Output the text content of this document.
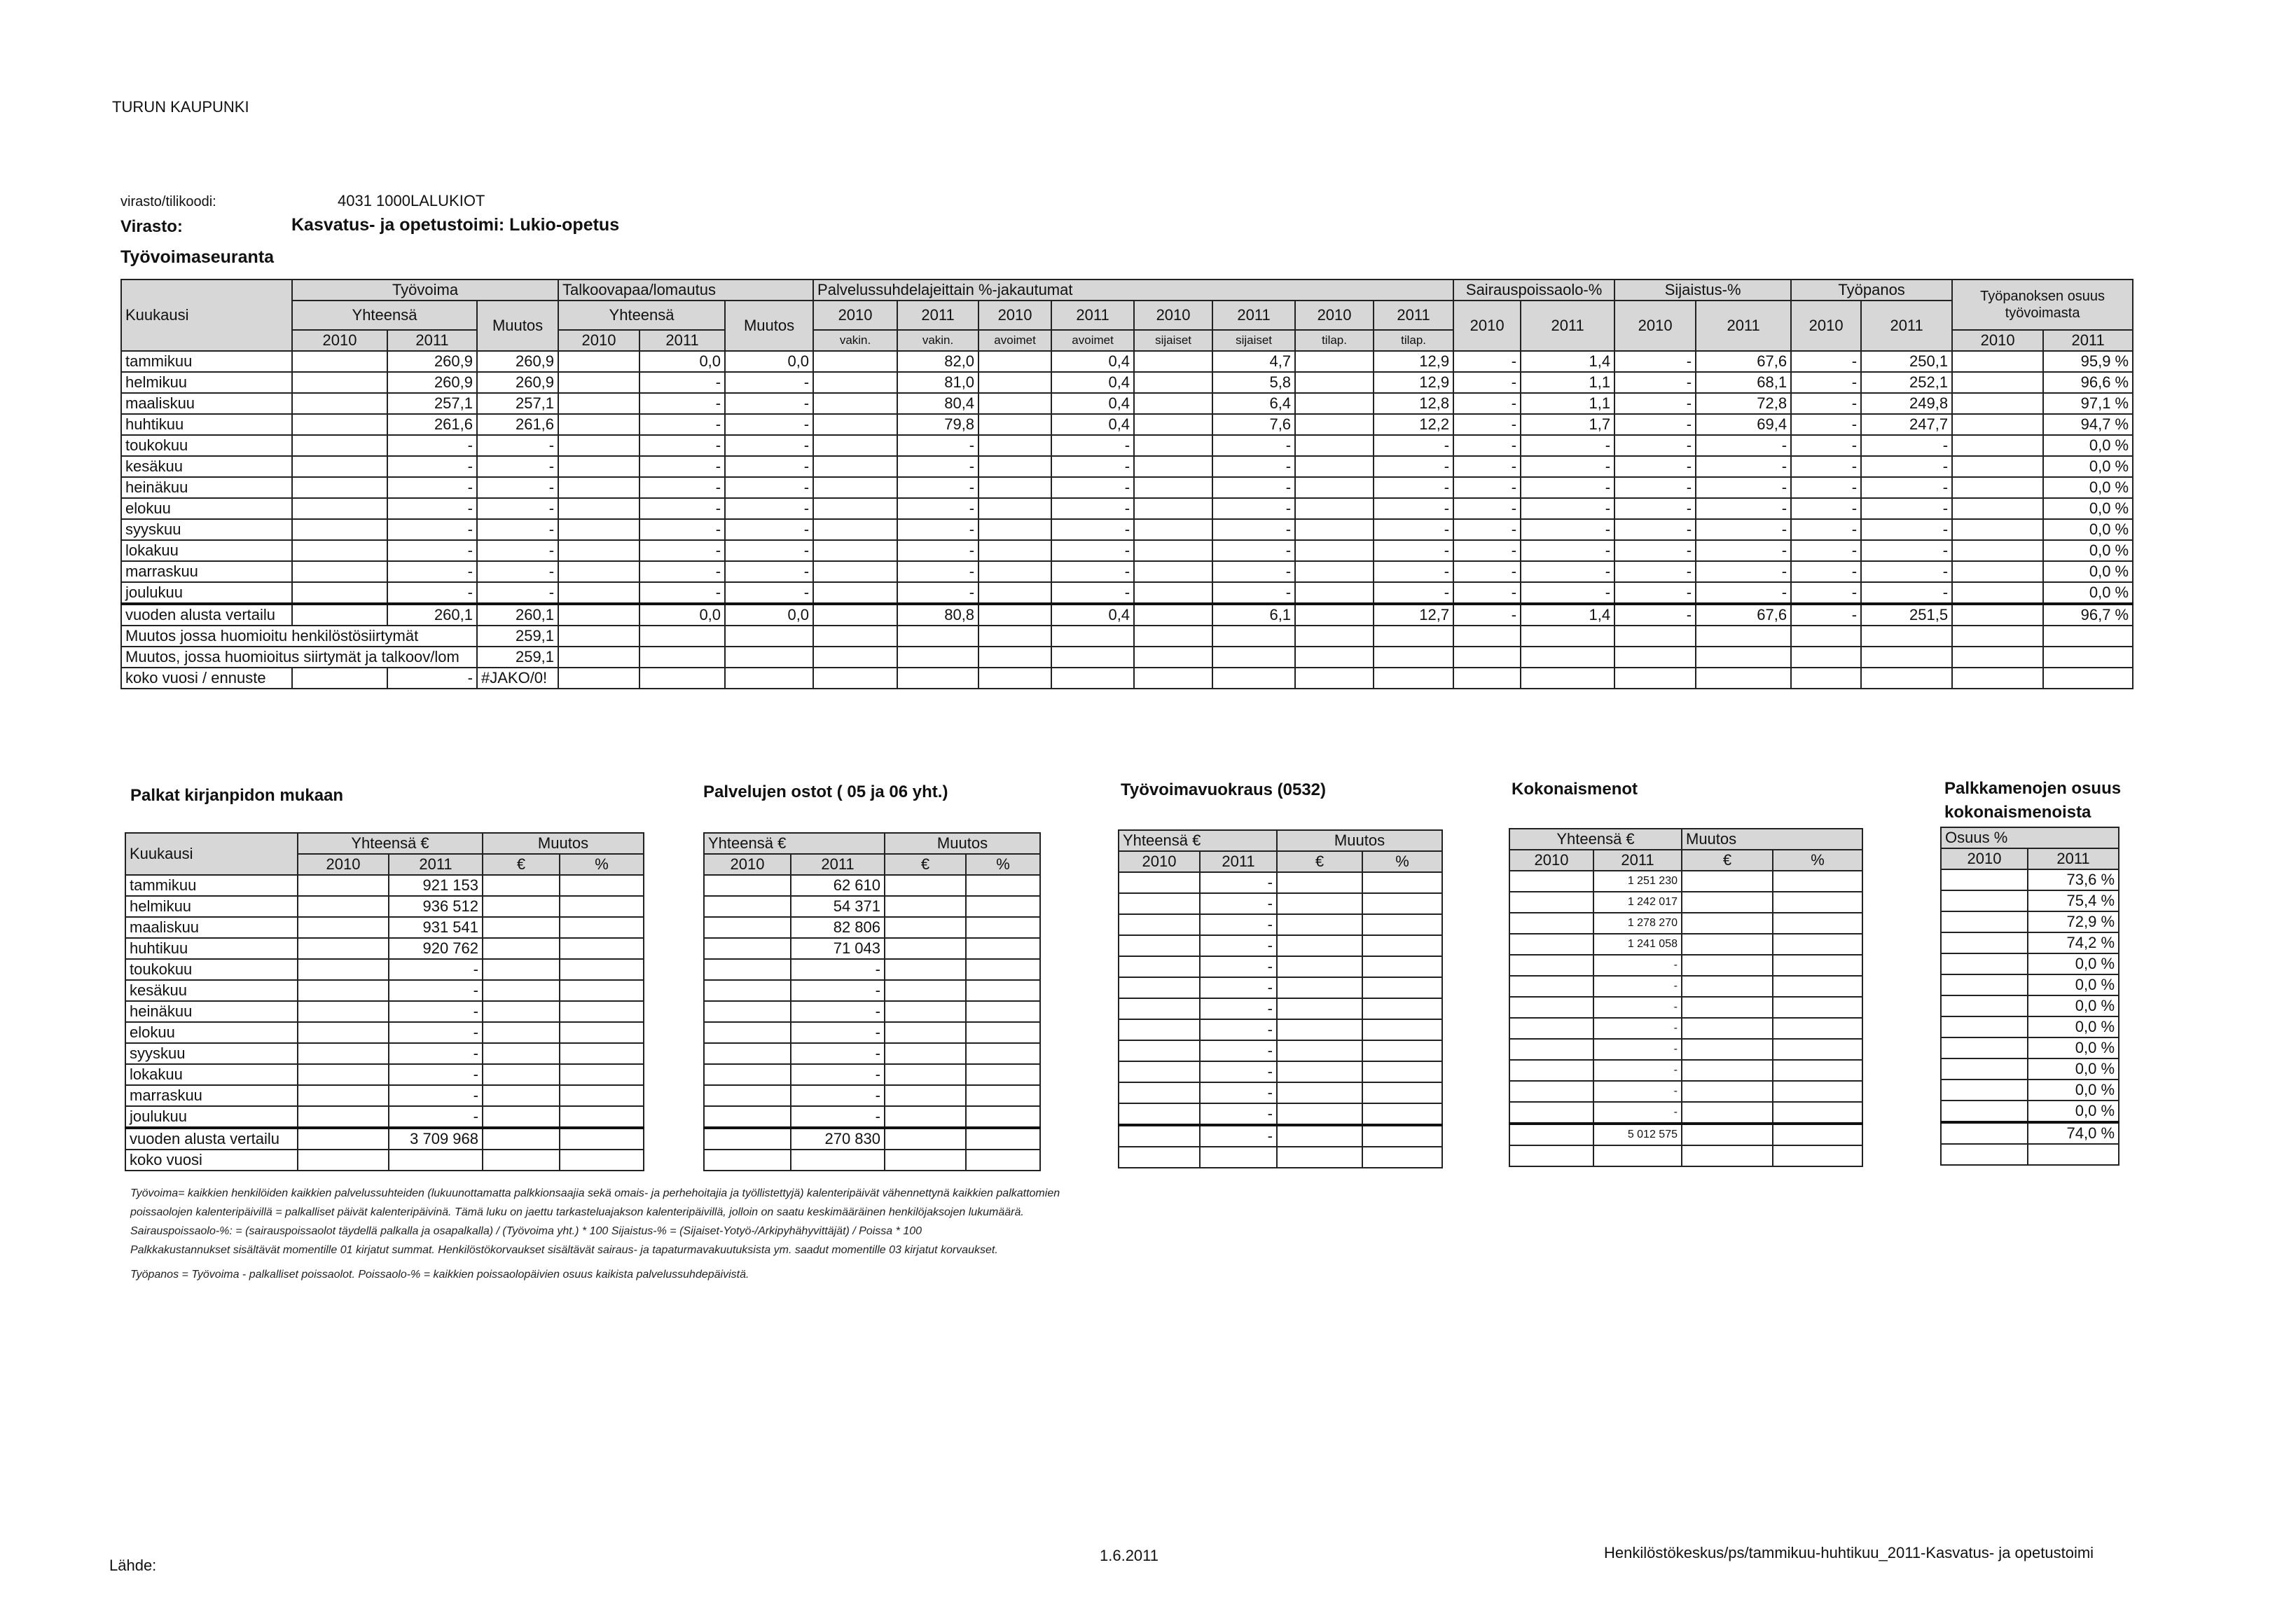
TURUN KAUPUNKI
virasto/tilikoodi:	4031 1000LALUKIOT
Virasto:	Kasvatus- ja opetustoimi: Lukio-opetus
Työvoimaseuranta
Kuukausi	Työvoima			Talkoovapaa/lomautus			Palvelussuhdelajeittain %-jakautumat								Sairauspoissaolo-%		Sijaistus-%		Työpanos		Työpanoksen osuus työvoimasta	
	Yhteensä		Muutos	Yhteensä		Muutos	2010	2011	2010	2011	2010	2011	2010	2011	2010	2011	2010	2011	2010	2011		
	2010	2011		2010	2011		vakin.	vakin.	avoimet	avoimet	sijaiset	sijaiset	tilap.	tilap.							2010	2011
tammikuu		260,9	260,9		0,0	0,0		82,0		0,4		4,7		12,9	-	1,4	-	67,6	-	250,1		95,9 %
helmikuu		260,9	260,9		-	-		81,0		0,4		5,8		12,9	-	1,1	-	68,1	-	252,1		96,6 %
maaliskuu		257,1	257,1		-	-		80,4		0,4		6,4		12,8	-	1,1	-	72,8	-	249,8		97,1 %
huhtikuu		261,6	261,6		-	-		79,8		0,4		7,6		12,2	-	1,7	-	69,4	-	247,7		94,7 %
toukokuu		-	-		-	-		-		-		-		-	-	-	-	-	-	-		0,0 %
kesäkuu		-	-		-	-		-		-		-		-	-	-	-	-	-	-		0,0 %
heinäkuu		-	-		-	-		-		-		-		-	-	-	-	-	-	-		0,0 %
elokuu		-	-		-	-		-		-		-		-	-	-	-	-	-	-		0,0 %
syyskuu		-	-		-	-		-		-		-		-	-	-	-	-	-	-		0,0 %
lokakuu		-	-		-	-		-		-		-		-	-	-	-	-	-	-		0,0 %
marraskuu		-	-		-	-		-		-		-		-	-	-	-	-	-	-		0,0 %
joulukuu		-	-		-	-		-		-		-		-	-	-	-	-	-	-		0,0 %
vuoden alusta vertailu		260,1	260,1		0,0	0,0		80,8		0,4		6,1		12,7	-	1,4	-	67,6	-	251,5		96,7 %
Muutos jossa huomioitu henkilöstösiirtymät			259,1																			
Muutos, jossa huomioitus siirtymät ja talkoov/lom			259,1																			
koko vuosi / ennuste		-	#JAKO/0!																			
Palkat kirjanpidon mukaan	Palvelujen ostot ( 05 ja 06 yht.)	Työvoimavuokraus (0532)	Kokonaismenot	Palkkamenojen osuus
kokonaismenoista
Kuukausi	Yhteensä €		Muutos	
	2010	2011	€	%
tammikuu		921 153		
helmikuu		936 512		
maaliskuu		931 541		
huhtikuu		920 762		
toukokuu		-		
kesäkuu		-		
heinäkuu		-		
elokuu		-		
syyskuu		-		
lokakuu		-		
marraskuu		-		
joulukuu		-		
vuoden alusta vertailu		3 709 968		
koko vuosi				
Yhteensä €		Muutos	
2010	2011	€	%
	62 610		
	54 371		
	82 806		
	71 043		
	-		
	-		
	-		
	-		
	-		
	-		
	-		
	-		
	270 830		

Yhteensä €		Muutos	
2010	2011	€	%
	-		
	-		
	-		
	-		
	-		
	-		
	-		
	-		
	-		
	-		
	-		
	-		
	-		

Yhteensä €		Muutos	
2010	2011	€	%
	1 251 230		
	1 242 017		
	1 278 270		
	1 241 058		
	-		
	-		
	-		
	-		
	-		
	-		
	-		
	-		
	5 012 575		

Osuus %	
2010	2011
	73,6 %
	75,4 %
	72,9 %
	74,2 %
	0,0 %
	0,0 %
	0,0 %
	0,0 %
	0,0 %
	0,0 %
	0,0 %
	0,0 %
	74,0 %

Työvoima= kaikkien henkilöiden kaikkien palvelussuhteiden (lukuunottamatta palkkionsaajia sekä omais- ja perhehoitajia ja työllistettyjä) kalenteripäivät vähennettynä kaikkien palkattomien
poissaolojen kalenteripäivillä = palkalliset päivät kalenteripäivinä. Tämä luku on jaettu tarkasteluajakson kalenteripäivillä, jolloin on saatu keskimääräinen henkilöjaksojen lukumäärä.
Sairauspoissaolo-%: = (sairauspoissaolot täydellä palkalla ja osapalkalla) / (Työvoima yht.) * 100 Sijaistus-% = (Sijaiset-Yotyö-/Arkipyhähyvittäjät) / Poissa * 100
Palkkakustannukset sisältävät momentille 01 kirjatut summat. Henkilöstökorvaukset sisältävät sairaus- ja tapaturmavakuutuksista ym. saadut momentille 03 kirjatut korvaukset.
Työpanos = Työvoima - palkalliset poissaolot. Poissaolo-% = kaikkien poissaolopäivien osuus kaikista palvelussuhdepäivistä.
Lähde:
1.6.2011	Henkilöstökeskus/ps/tammikuu-huhtikuu_2011-Kasvatus- ja opetustoimi
